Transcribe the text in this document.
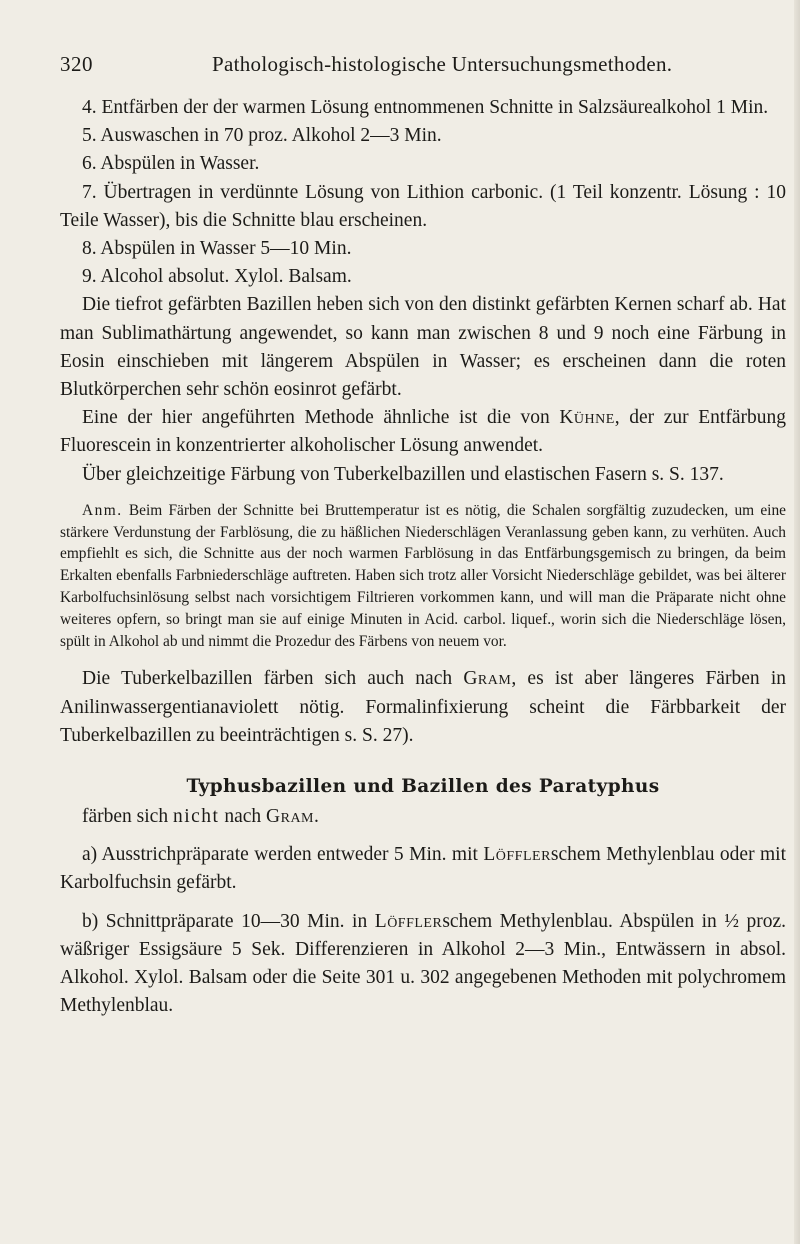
320	Pathologisch-histologische Untersuchungsmethoden.

4. Entfärben der der warmen Lösung entnommenen Schnitte in Salzsäurealkohol 1 Min.

5. Auswaschen in 70 proz. Alkohol 2—3 Min.

6. Abspülen in Wasser.

7. Übertragen in verdünnte Lösung von Lithion carbonic. (1 Teil konzentr. Lösung : 10 Teile Wasser), bis die Schnitte blau erscheinen.

8. Abspülen in Wasser 5—10 Min.

9. Alcohol absolut. Xylol. Balsam.

Die tiefrot gefärbten Bazillen heben sich von den distinkt gefärbten Kernen scharf ab. Hat man Sublimathärtung angewendet, so kann man zwischen 8 und 9 noch eine Färbung in Eosin einschieben mit längerem Abspülen in Wasser; es erscheinen dann die roten Blutkörperchen sehr schön eosinrot gefärbt.

Eine der hier angeführten Methode ähnliche ist die von Kühne, der zur Entfärbung Fluorescein in konzentrierter alkoholischer Lösung anwendet.

Über gleichzeitige Färbung von Tuberkelbazillen und elastischen Fasern s. S. 137.

Anm. Beim Färben der Schnitte bei Bruttemperatur ist es nötig, die Schalen sorgfältig zuzudecken, um eine stärkere Verdunstung der Farblösung, die zu häßlichen Niederschlägen Veranlassung geben kann, zu verhüten. Auch empfiehlt es sich, die Schnitte aus der noch warmen Farblösung in das Entfärbungsgemisch zu bringen, da beim Erkalten ebenfalls Farbniederschläge auftreten. Haben sich trotz aller Vorsicht Niederschläge gebildet, was bei älterer Karbolfuchsinlösung selbst nach vorsichtigem Filtrieren vorkommen kann, und will man die Präparate nicht ohne weiteres opfern, so bringt man sie auf einige Minuten in Acid. carbol. liquef., worin sich die Niederschläge lösen, spült in Alkohol ab und nimmt die Prozedur des Färbens von neuem vor.

Die Tuberkelbazillen färben sich auch nach Gram, es ist aber längeres Färben in Anilinwassergentianaviolett nötig. Formalinfixierung scheint die Färbbarkeit der Tuberkelbazillen zu beeinträchtigen s. S. 27).

Typhusbazillen und Bazillen des Paratyphus

färben sich nicht nach Gram.

a) Ausstrichpräparate werden entweder 5 Min. mit Löfflerschem Methylenblau oder mit Karbolfuchsin gefärbt.

b) Schnittpräparate 10—30 Min. in Löfflerschem Methylenblau. Abspülen in ½ proz. wäßriger Essigsäure 5 Sek. Differenzieren in Alkohol 2—3 Min., Entwässern in absol. Alkohol. Xylol. Balsam oder die Seite 301 u. 302 angegebenen Methoden mit polychromem Methylenblau.
